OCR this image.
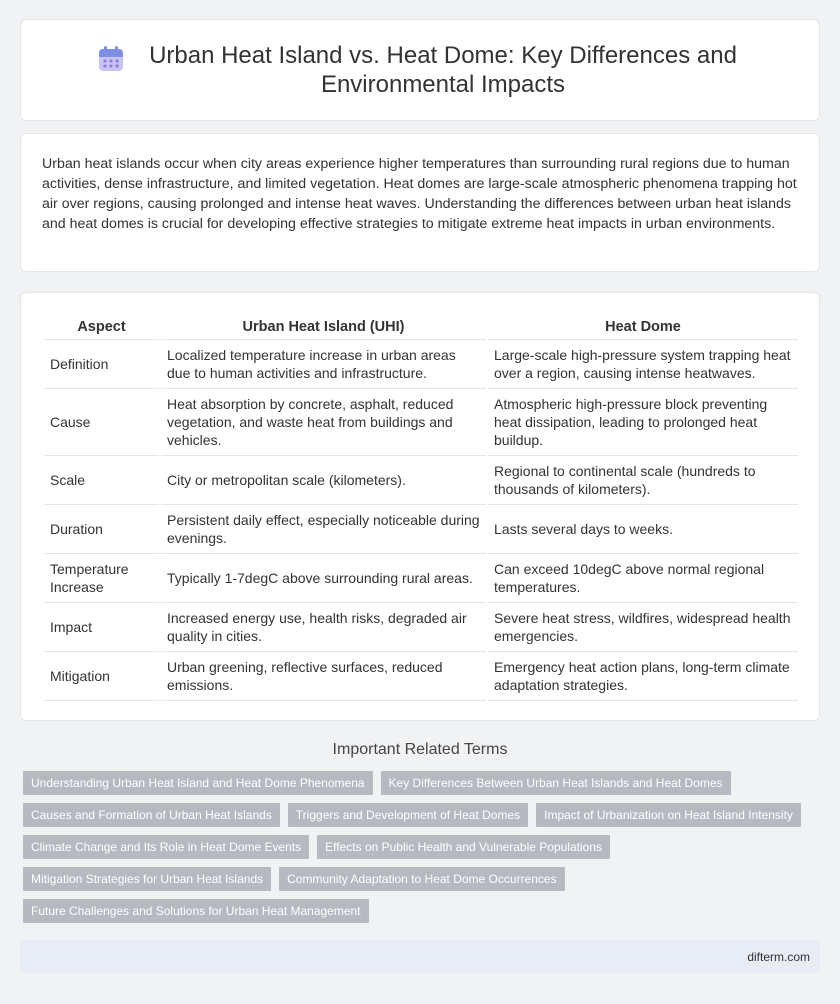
Urban Heat Island vs. Heat Dome: Key Differences and Environmental Impacts

Urban heat islands occur when city areas experience higher temperatures than surrounding rural regions due to human activities, dense infrastructure, and limited vegetation. Heat domes are large-scale atmospheric phenomena trapping hot air over regions, causing prolonged and intense heat waves. Understanding the differences between urban heat islands and heat domes is crucial for developing effective strategies to mitigate extreme heat impacts in urban environments.

Aspect	Urban Heat Island (UHI)	Heat Dome
Definition	Localized temperature increase in urban areas due to human activities and infrastructure.	Large-scale high-pressure system trapping heat over a region, causing intense heatwaves.
Cause	Heat absorption by concrete, asphalt, reduced vegetation, and waste heat from buildings and vehicles.	Atmospheric high-pressure block preventing heat dissipation, leading to prolonged heat buildup.
Scale	City or metropolitan scale (kilometers).	Regional to continental scale (hundreds to thousands of kilometers).
Duration	Persistent daily effect, especially noticeable during evenings.	Lasts several days to weeks.
Temperature Increase	Typically 1-7degC above surrounding rural areas.	Can exceed 10degC above normal regional temperatures.
Impact	Increased energy use, health risks, degraded air quality in cities.	Severe heat stress, wildfires, widespread health emergencies.
Mitigation	Urban greening, reflective surfaces, reduced emissions.	Emergency heat action plans, long-term climate adaptation strategies.
Important Related Terms
Understanding Urban Heat Island and Heat Dome Phenomena	Key Differences Between Urban Heat Islands and Heat Domes
Causes and Formation of Urban Heat Islands	Triggers and Development of Heat Domes	Impact of Urbanization on Heat Island Intensity
Climate Change and Its Role in Heat Dome Events	Effects on Public Health and Vulnerable Populations
Mitigation Strategies for Urban Heat Islands	Community Adaptation to Heat Dome Occurrences
Future Challenges and Solutions for Urban Heat Management
difterm.com
